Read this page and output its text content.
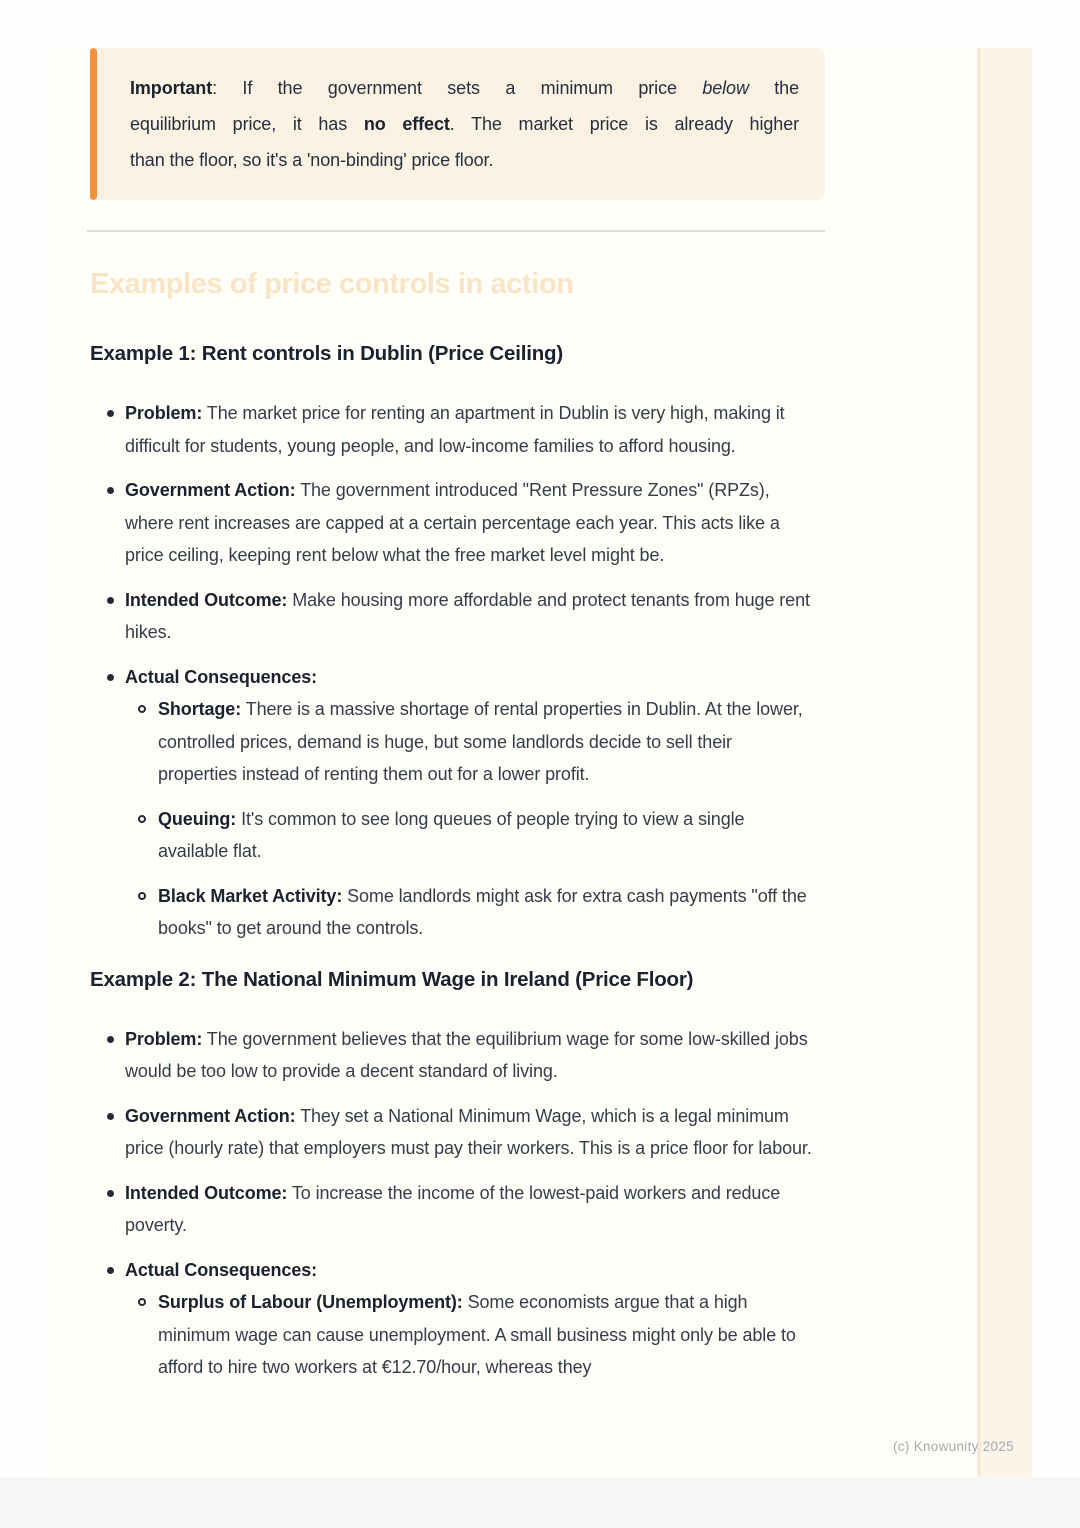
Important: If the government sets a minimum price below the
equilibrium price, it has no effect. The market price is already higher
than the floor, so it's a 'non-binding' price floor.
Examples of price controls in action
Example 1: Rent controls in Dublin (Price Ceiling)
Problem: The market price for renting an apartment in Dublin is very high, making it difficult for students, young people, and low-income families to afford housing.
Government Action: The government introduced "Rent Pressure Zones" (RPZs), where rent increases are capped at a certain percentage each year. This acts like a price ceiling, keeping rent below what the free market level might be.
Intended Outcome: Make housing more affordable and protect tenants from huge rent hikes.
Actual Consequences:
Shortage: There is a massive shortage of rental properties in Dublin. At the lower, controlled prices, demand is huge, but some landlords decide to sell their properties instead of renting them out for a lower profit.
Queuing: It's common to see long queues of people trying to view a single available flat.
Black Market Activity: Some landlords might ask for extra cash payments "off the books" to get around the controls.
Example 2: The National Minimum Wage in Ireland (Price Floor)
Problem: The government believes that the equilibrium wage for some low-skilled jobs would be too low to provide a decent standard of living.
Government Action: They set a National Minimum Wage, which is a legal minimum price (hourly rate) that employers must pay their workers. This is a price floor for labour.
Intended Outcome: To increase the income of the lowest-paid workers and reduce poverty.
Actual Consequences:
Surplus of Labour (Unemployment): Some economists argue that a high minimum wage can cause unemployment. A small business might only be able to afford to hire two workers at €12.70/hour, whereas they
(c) Knowunity 2025
